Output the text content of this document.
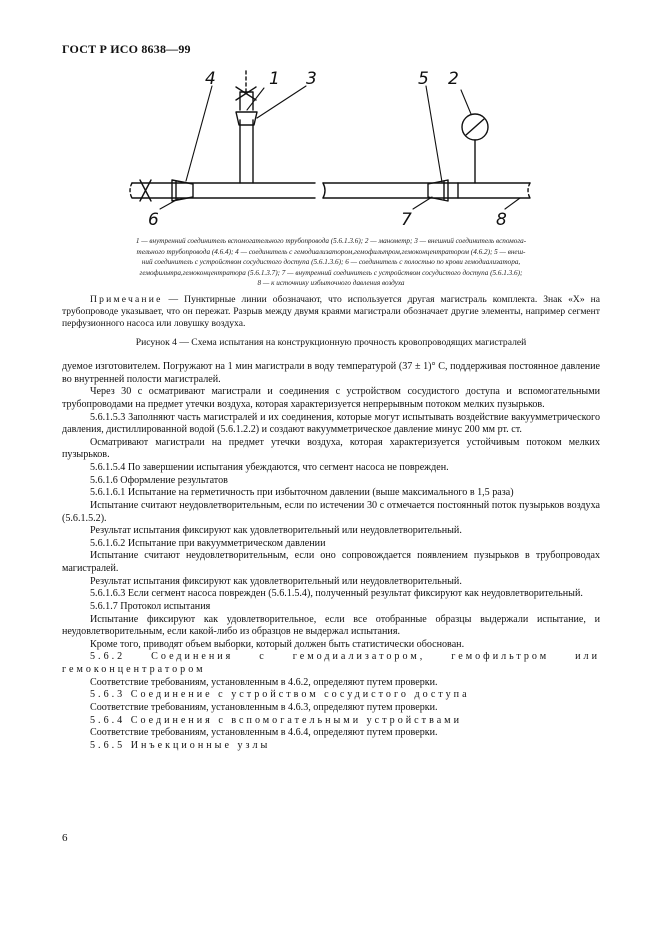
ГОСТ Р ИСО 8638—99
4	1 3	5 2
6	7	8
1 — внутренний соединитель вспомогательного трубопровода (5.6.1.3.6); 2 — манометр; 3 — внешний соединитель вспомога-
тельного трубопровода (4.6.4); 4 — соединитель с гемодиализатором,гемофильтром,гемоконцентратором (4.6.2); 5 — внеш-
ний соединитель с устройством сосудистого доступа (5.6.1.3.6); 6 — соединитель с полостью по крови гемодиализатора,
гемофильтра,гемоконцентратора (5.6.1.3.7); 7 — внутренний соединитель с устройством сосудистого доступа (5.6.1.3.6);
8 — к источнику избыточного давления воздуха
Примечание — Пунктирные линии обозначают, что используется другая магистраль комплекта. Знак «Х» на трубопроводе указывает, что он пережат. Разрыв между двумя краями магистрали обозначает другие элементы, например сегмент перфузионного насоса или ловушку воздуха.
Рисунок 4 — Схема испытания на конструкционную прочность кровопроводящих магистралей

дуемое изготовителем. Погружают на 1 мин магистрали в воду температурой (37 ± 1)° С, поддерживая постоянное давление во внутренней полости магистралей.

Через 30 с осматривают магистрали и соединения с устройством сосудистого доступа и вспомогательными трубопроводами на предмет утечки воздуха, которая характеризуется непрерывным потоком мелких пузырьков.

5.6.1.5.3 Заполняют часть магистралей и их соединения, которые могут испытывать воздействие вакуумметрического давления, дистиллированной водой (5.6.1.2.2) и создают вакуумметрическое давление минус 200 мм рт. ст.

Осматривают магистрали на предмет утечки воздуха, которая характеризуется устойчивым потоком мелких пузырьков.

5.6.1.5.4 По завершении испытания убеждаются, что сегмент насоса не поврежден.

5.6.1.6 Оформление результатов

5.6.1.6.1 Испытание на герметичность при избыточном давлении (выше максимального в 1,5 раза)

Испытание считают неудовлетворительным, если по истечении 30 с отмечается постоянный поток пузырьков воздуха (5.6.1.5.2).

Результат испытания фиксируют как удовлетворительный или неудовлетворительный.

5.6.1.6.2 Испытание при вакуумметрическом давлении

Испытание считают неудовлетворительным, если оно сопровождается появлением пузырьков в трубопроводах магистралей.

Результат испытания фиксируют как удовлетворительный или неудовлетворительный.

5.6.1.6.3 Если сегмент насоса поврежден (5.6.1.5.4), полученный результат фиксируют как неудовлетворительный.

5.6.1.7 Протокол испытания

Испытание фиксируют как удовлетворительное, если все отобранные образцы выдержали испытание, и неудовлетворительным, если какой-либо из образцов не выдержал испытания.

Кроме того, приводят объем выборки, который должен быть статистически обоснован.

5.6.2 Соединения с гемодиализатором, гемофильтром или гемоконцентратором

Соответствие требованиям, установленным в 4.6.2, определяют путем проверки.

5.6.3 Соединение с устройством сосудистого доступа

Соответствие требованиям, установленным в 4.6.3, определяют путем проверки.

5.6.4 Соединения с вспомогательными устройствами

Соответствие требованиям, установленным в 4.6.4, определяют путем проверки.

5.6.5 Инъекционные узлы

6
